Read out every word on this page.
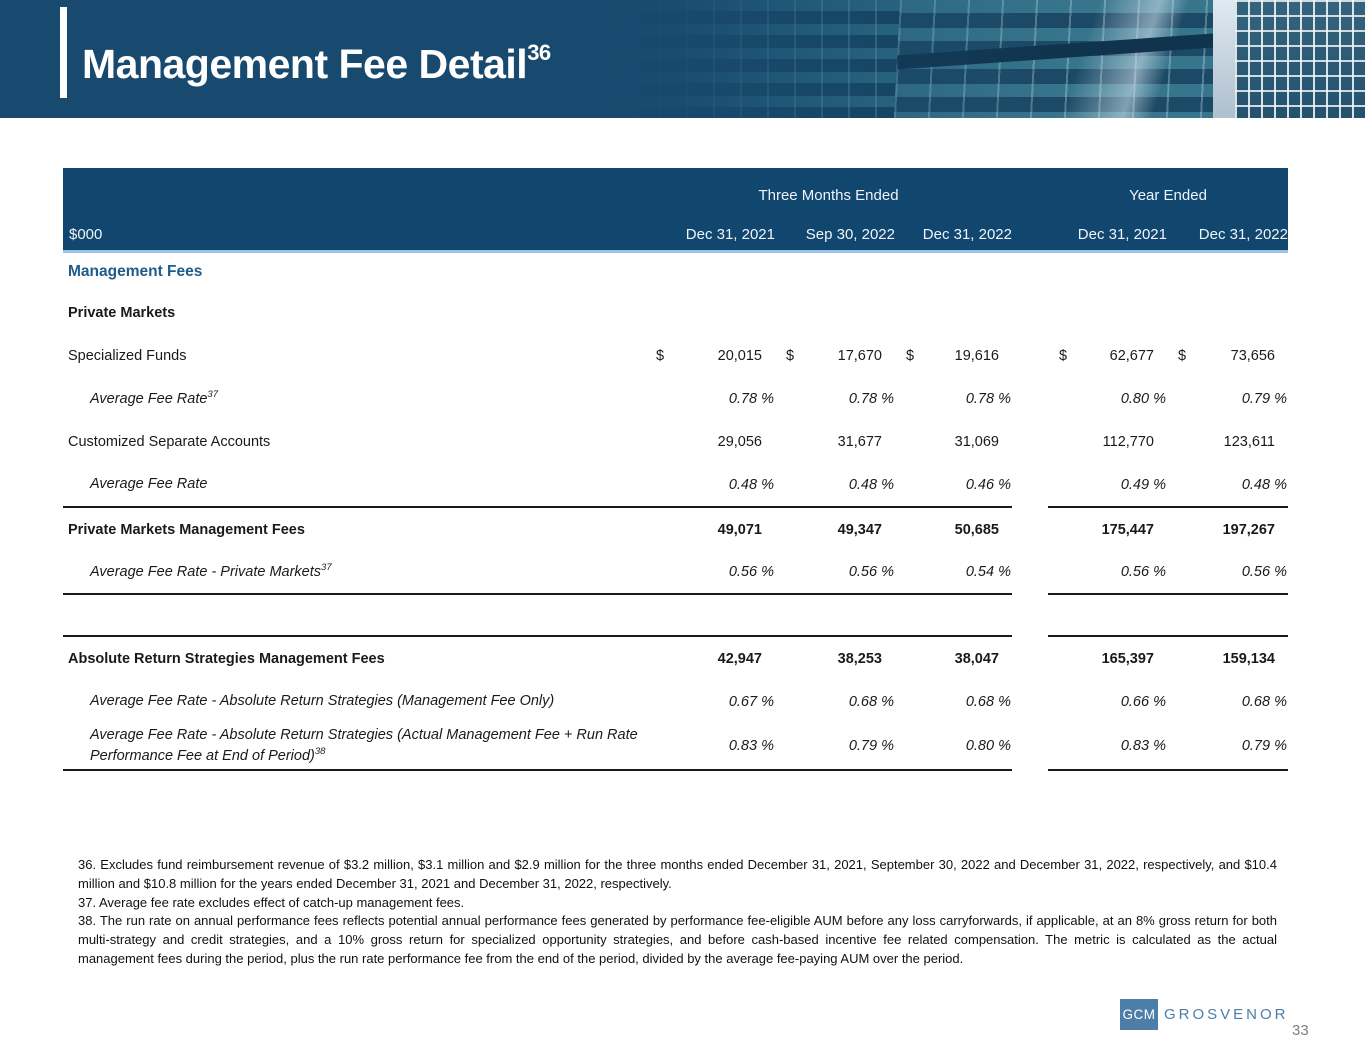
Management Fee Detail$^{36}$
Three Months Ended	Year Ended
$000	Dec 31, 2021	Sep 30, 2022	Dec 31, 2022	Dec 31, 2021	Dec 31, 2022
Management Fees
Private Markets
Specialized Funds	$	20,015	$	17,670	$	19,616	$	62,677	$	73,656
Average Fee Rate$^{37}$	0.78 %	0.78 %	0.78 %	0.80 %	0.79 %
Customized Separate Accounts	29,056	31,677	31,069	112,770	123,611
Average Fee Rate	0.48 %	0.48 %	0.46 %	0.49 %	0.48 %
Private Markets Management Fees	49,071	49,347	50,685	175,447	197,267
Average Fee Rate - Private Markets$^{37}$	0.56 %	0.56 %	0.54 %	0.56 %	0.56 %
Absolute Return Strategies Management Fees	42,947	38,253	38,047	165,397	159,134
Average Fee Rate - Absolute Return Strategies (Management Fee Only)	0.67 %	0.68 %	0.68 %	0.66 %	0.68 %
Average Fee Rate - Absolute Return Strategies (Actual Management Fee + Run Rate Performance Fee at End of Period)$^{38}$	0.83 %	0.79 %	0.80 %	0.83 %	0.79 %

36. Excludes fund reimbursement revenue of $3.2 million, $3.1 million and $2.9 million for the three months ended December 31, 2021, September 30, 2022 and December 31, 2022, respectively, and $10.4 million and $10.8 million for the years ended December 31, 2021 and December 31, 2022, respectively.

37. Average fee rate excludes effect of catch-up management fees.

38. The run rate on annual performance fees reflects potential annual performance fees generated by performance fee-eligible AUM before any loss carryforwards, if applicable, at an 8% gross return for both multi-strategy and credit strategies, and a 10% gross return for specialized opportunity strategies, and before cash-based incentive fee related compensation. The metric is calculated as the actual management fees during the period, plus the run rate performance fee from the end of the period, divided by the average fee-paying AUM over the period.

GCM GROSVENOR
33
